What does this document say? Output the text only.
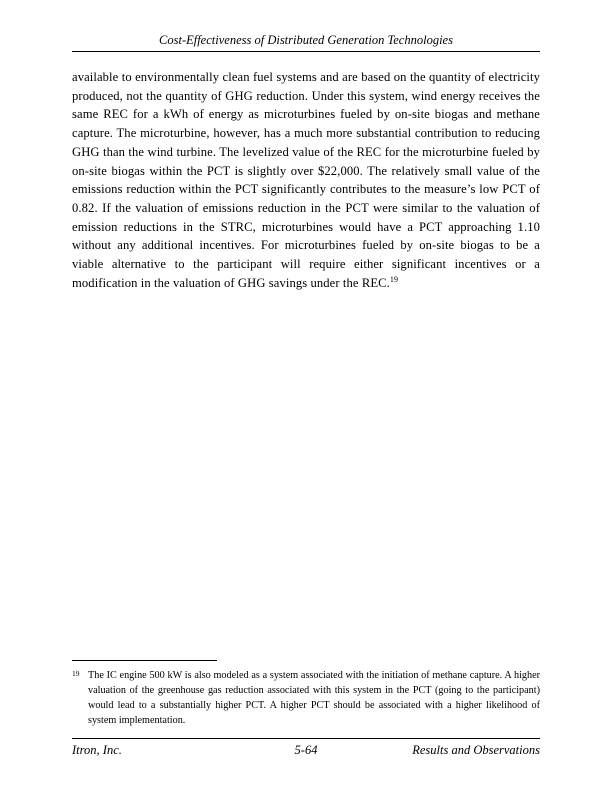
Cost-Effectiveness of Distributed Generation Technologies
available to environmentally clean fuel systems and are based on the quantity of electricity produced, not the quantity of GHG reduction. Under this system, wind energy receives the same REC for a kWh of energy as microturbines fueled by on-site biogas and methane capture. The microturbine, however, has a much more substantial contribution to reducing GHG than the wind turbine. The levelized value of the REC for the microturbine fueled by on-site biogas within the PCT is slightly over $22,000. The relatively small value of the emissions reduction within the PCT significantly contributes to the measure’s low PCT of 0.82. If the valuation of emissions reduction in the PCT were similar to the valuation of emission reductions in the STRC, microturbines would have a PCT approaching 1.10 without any additional incentives. For microturbines fueled by on-site biogas to be a viable alternative to the participant will require either significant incentives or a modification in the valuation of GHG savings under the REC.$^{19}$
19 The IC engine 500 kW is also modeled as a system associated with the initiation of methane capture. A higher valuation of the greenhouse gas reduction associated with this system in the PCT (going to the participant) would lead to a substantially higher PCT. A higher PCT should be associated with a higher likelihood of system implementation.
Itron, Inc.	5-64	Results and Observations
